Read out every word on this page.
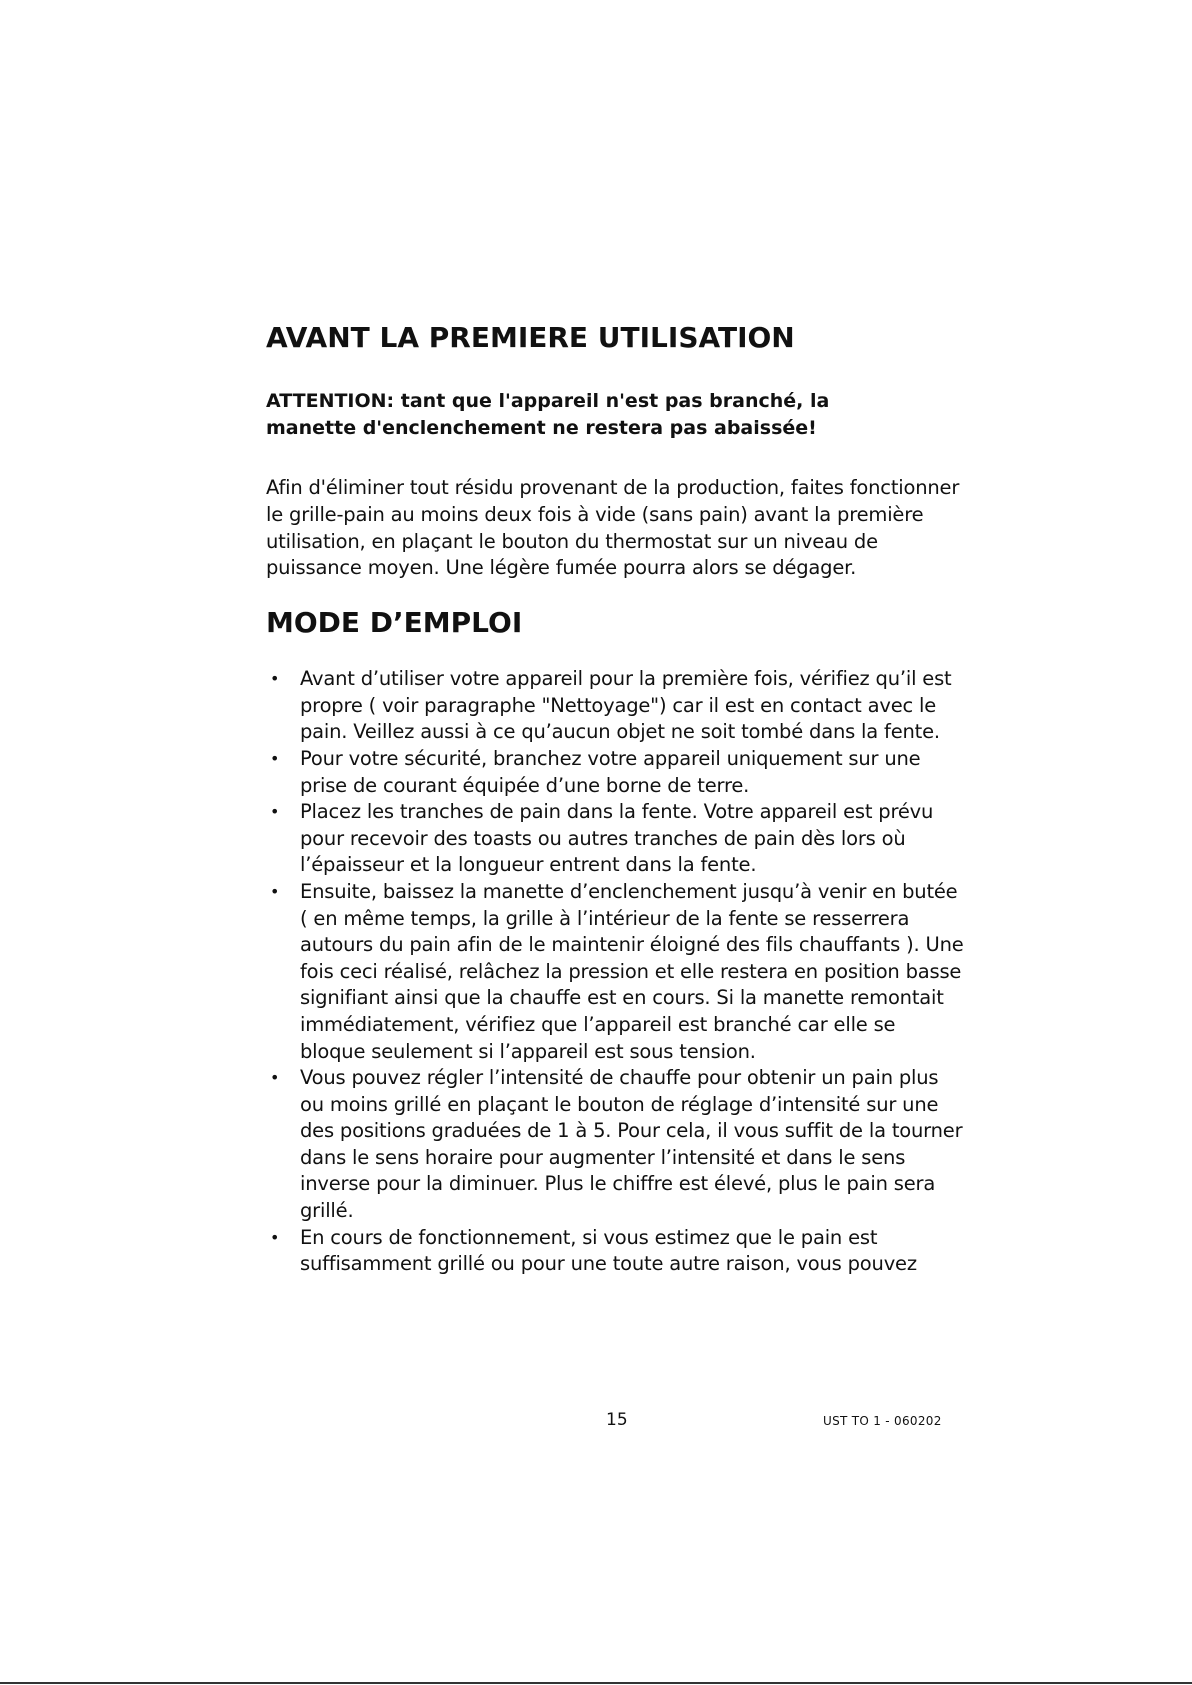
AVANT LA PREMIERE UTILISATION

ATTENTION: tant que l'appareil n'est pas branché, la manette d'enclenchement ne restera pas abaissée!

Afin d'éliminer tout résidu provenant de la production, faites fonctionner le grille-pain au moins deux fois à vide (sans pain) avant la première utilisation, en plaçant le bouton du thermostat sur un niveau de puissance moyen. Une légère fumée pourra alors se dégager.

MODE D’EMPLOI
• Avant d’utiliser votre appareil pour la première fois, vérifiez qu’il est propre ( voir paragraphe "Nettoyage") car il est en contact avec le pain. Veillez aussi à ce qu’aucun objet ne soit tombé dans la fente.
• Pour votre sécurité, branchez votre appareil uniquement sur une prise de courant équipée d’une borne de terre.
• Placez les tranches de pain dans la fente. Votre appareil est prévu pour recevoir des toasts ou autres tranches de pain dès lors où l’épaisseur et la longueur entrent dans la fente.
• Ensuite, baissez la manette d’enclenchement jusqu’à venir en butée ( en même temps, la grille à l’intérieur de la fente se resserrera autours du pain afin de le maintenir éloigné des fils chauffants ). Une fois ceci réalisé, relâchez la pression et elle restera en position basse signifiant ainsi que la chauffe est en cours. Si la manette remontait immédiatement, vérifiez que l’appareil est branché car elle se bloque seulement si l’appareil est sous tension.
• Vous pouvez régler l’intensité de chauffe pour obtenir un pain plus ou moins grillé en plaçant le bouton de réglage d’intensité sur une des positions graduées de 1 à 5. Pour cela, il vous suffit de la tourner dans le sens horaire pour augmenter l’intensité et dans le sens inverse pour la diminuer. Plus le chiffre est élevé, plus le pain sera grillé.
• En cours de fonctionnement, si vous estimez que le pain est suffisamment grillé ou pour une toute autre raison, vous pouvez
15	UST TO 1 - 060202
